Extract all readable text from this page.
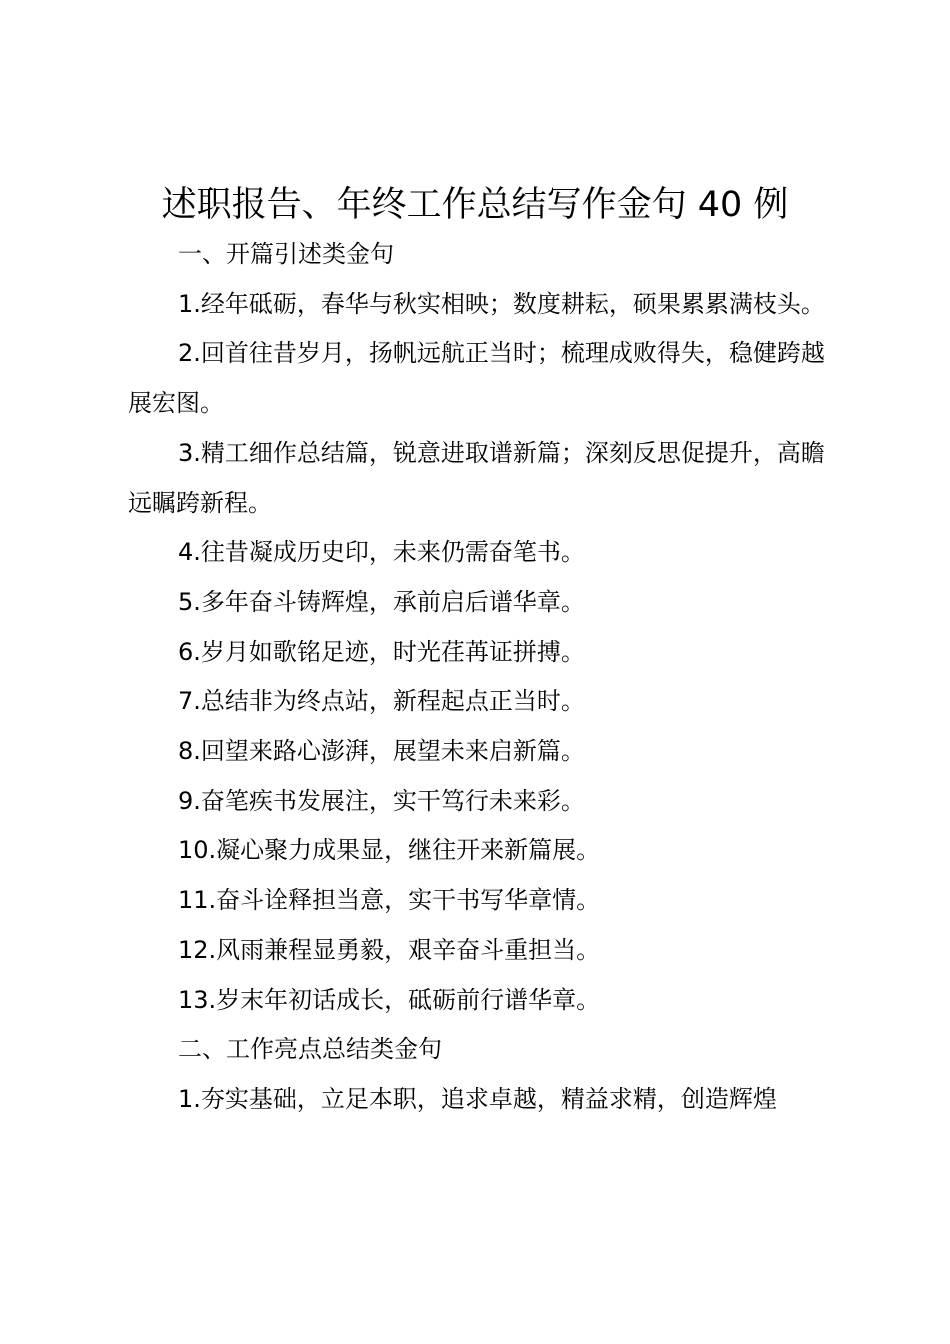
述职报告、年终工作总结写作金句 40 例

一、开篇引述类金句

1.经年砥砺，春华与秋实相映；数度耕耘，硕果累累满枝头。

2.回首往昔岁月，扬帆远航正当时；梳理成败得失，稳健跨越展宏图。

3.精工细作总结篇，锐意进取谱新篇；深刻反思促提升，高瞻远瞩跨新程。

4.往昔凝成历史印，未来仍需奋笔书。

5.多年奋斗铸辉煌，承前启后谱华章。

6.岁月如歌铭足迹，时光荏苒证拼搏。

7.总结非为终点站，新程起点正当时。

8.回望来路心澎湃，展望未来启新篇。

9.奋笔疾书发展注，实干笃行未来彩。

10.凝心聚力成果显，继往开来新篇展。

11.奋斗诠释担当意，实干书写华章情。

12.风雨兼程显勇毅，艰辛奋斗重担当。

13.岁末年初话成长，砥砺前行谱华章。

二、工作亮点总结类金句

1.夯实基础，立足本职，追求卓越，精益求精，创造辉煌
